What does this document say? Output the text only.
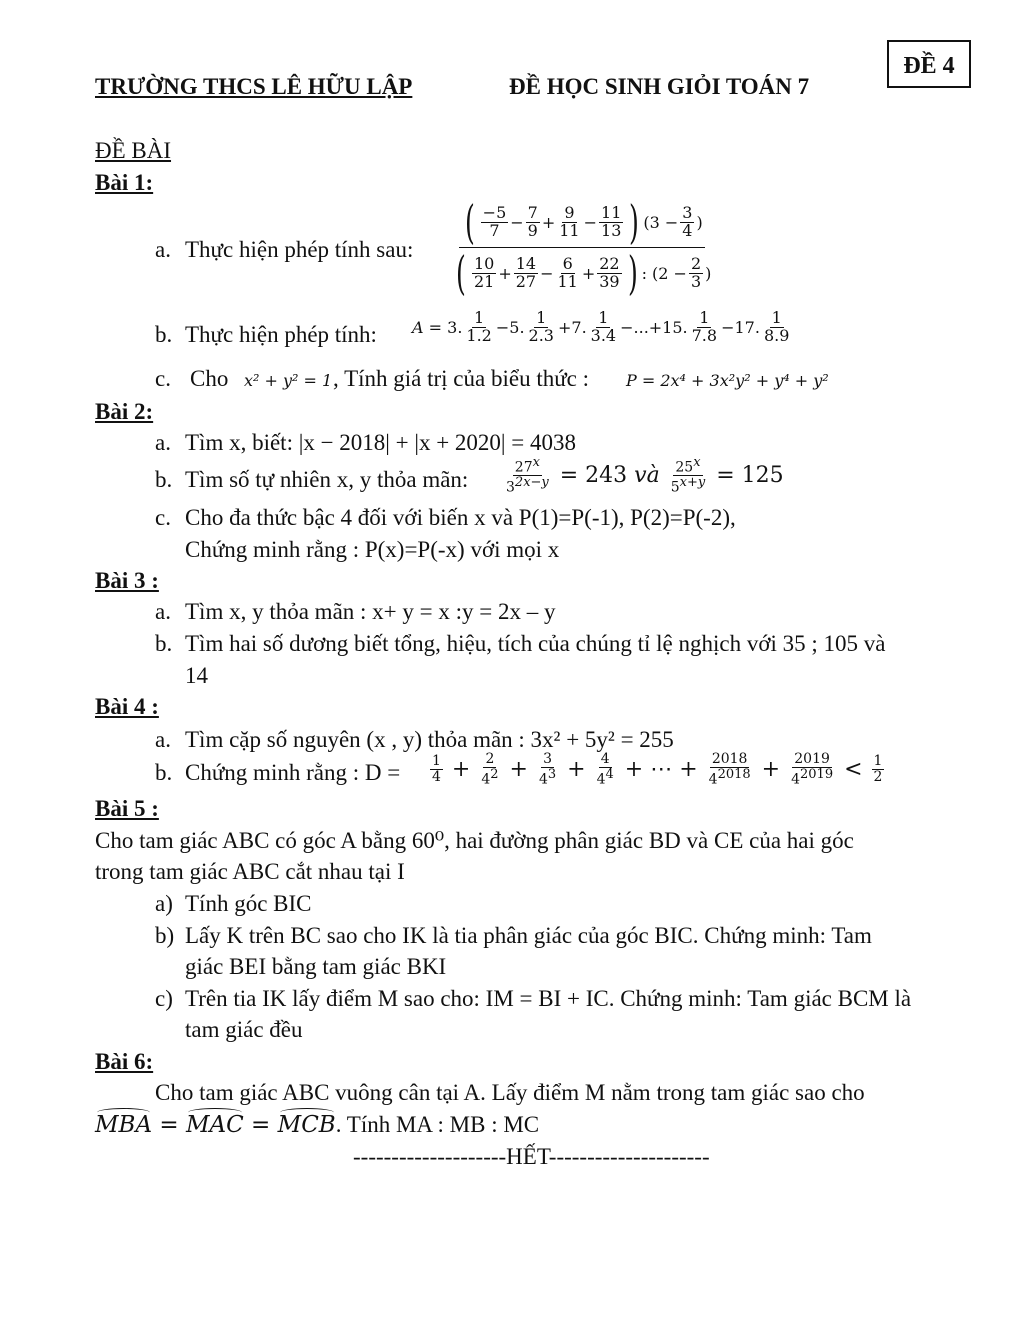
ĐỀ 4
TRƯỜNG THCS LÊ HỮU LẬP	ĐỀ HỌC SINH GIỎI TOÁN 7
ĐỀ BÀI
Bài 1:
a. Thực hiện phép tính sau:
( $\frac{-5}{7} - \frac{7}{9} + \frac{9}{11} - \frac{11}{13}$ ) ($3 - \frac{3}{4}$ )
( $\frac{10}{21} + \frac{14}{27} - \frac{6}{11} + \frac{22}{39}$ ) : ($2 - \frac{2}{3}$ )
b. Thực hiện phép tính: A = 3. $\frac{1}{1.2} -5$. $\frac{1}{2.3} +7$. $\frac{1}{3.4} -...+15$. $\frac{1}{7.8} -17$. $\frac{1}{8.9}$
c. Cho x² + y² = 1 , Tính giá trị của biểu thức : P = 2x⁴ + 3x²y² + y⁴ + y²
Bài 2:
a. Tìm x, biết: |x − 2018| + |x + 2020| = 4038
b. Tìm số tự nhiên x, y thỏa mãn:	$\frac{27^x}{3^{2x-y}} = 243$ và
$\frac{25^x}{5^{x+y}} = 125$
c. Cho đa thức bậc 4 đối với biến x và P(1)=P(-1), P(2)=P(-2),
Chứng minh rằng : P(x)=P(-x) với mọi x
Bài 3 :
a. Tìm x, y thỏa mãn : x+ y = x :y = 2x – y
b. Tìm hai số dương biết tổng, hiệu, tích của chúng tỉ lệ nghịch với 35 ; 105 và
14
Bài 4 :
a. Tìm cặp số nguyên (x , y) thỏa mãn : 3x² + 5y² = 255
b. Chứng minh rằng : $D = \frac{1}{4} + \frac{2}{4^2} + \frac{3}{4^3} + \frac{4}{4^4}$ + ⋯ + $\frac{2018}{4^{2018}} + \frac{2019}{4^{2019}} < \frac{1}{2}$
Bài 5 :
Cho tam giác ABC có góc A bằng 60⁰, hai đường phân giác BD và CE của hai góc
trong tam giác ABC cắt nhau tại I
a) Tính góc BIC
b) Lấy K trên BC sao cho IK là tia phân giác của góc BIC. Chứng minh: Tam
giác BEI bằng tam giác BKI
c) Trên tia IK lấy điểm M sao cho: IM = BI + IC. Chứng minh: Tam giác BCM là
tam giác đều
Bài 6:
Cho tam giác ABC vuông cân tại A. Lấy điểm M nằm trong tam giác sao cho
MBA = MAC = MCB . Tính MA : MB : MC
--------------------HẾT---------------------
